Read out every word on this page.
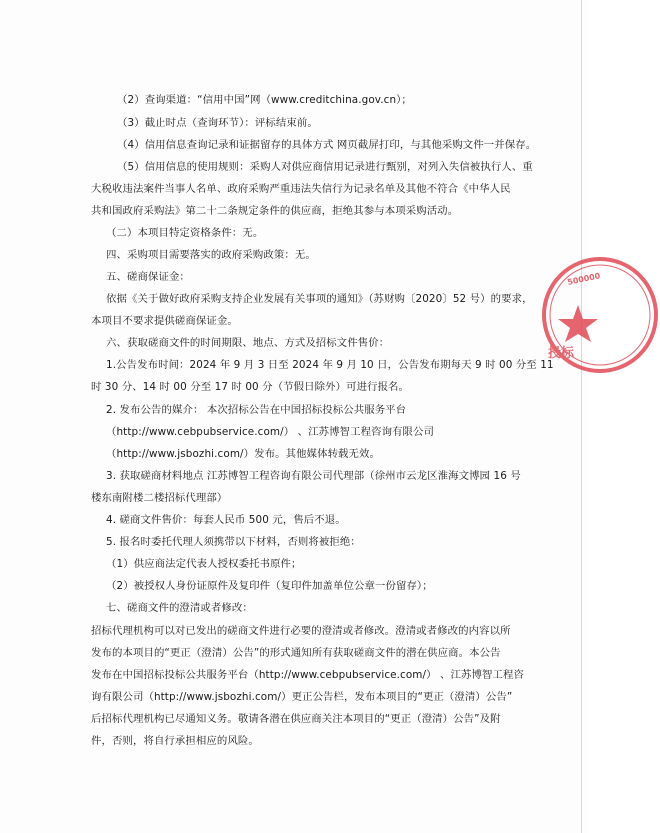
（2）查询渠道：“信用中国”网（www.creditchina.gov.cn）；
（3）截止时点（查询环节）：评标结束前。
（4）信用信息查询记录和证据留存的具体方式 网页截屏打印，与其他采购文件一并保存。
（5）信用信息的使用规则：采购人对供应商信用记录进行甄别，对列入失信被执行人、重
大税收违法案件当事人名单、政府采购严重违法失信行为记录名单及其他不符合《中华人民
共和国政府采购法》第二十二条规定条件的供应商，拒绝其参与本项采购活动。
（二）本项目特定资格条件：无。
四、采购项目需要落实的政府采购政策：无。
五、磋商保证金：
依据《关于做好政府采购支持企业发展有关事项的通知》（苏财购〔2020〕52 号）的要求，
本项目不要求提供磋商保证金。
六、获取磋商文件的时间期限、地点、方式及招标文件售价：
1.公告发布时间：2024 年 9 月 3 日至 2024 年 9 月 10 日，公告发布期每天 9 时 00 分至 11
时 30 分、14 时 00 分至 17 时 00 分（节假日除外）可进行报名。
2. 发布公告的媒介： 本次招标公告在中国招标投标公共服务平台
（http://www.cebpubservice.com/） 、江苏博智工程咨询有限公司
（http://www.jsbozhi.com/）发布。其他媒体转载无效。
3. 获取磋商材料地点 江苏博智工程咨询有限公司代理部（徐州市云龙区淮海文博园 16 号
楼东南附楼二楼招标代理部）
4. 磋商文件售价：每套人民币 500 元，售后不退。
5. 报名时委托代理人须携带以下材料，否则将被拒绝：
（1）供应商法定代表人授权委托书原件；
（2）被授权人身份证原件及复印件（复印件加盖单位公章一份留存）；
七、磋商文件的澄清或者修改：
招标代理机构可以对已发出的磋商文件进行必要的澄清或者修改。澄清或者修改的内容以所
发布的本项目的“更正（澄清）公告”的形式通知所有获取磋商文件的潜在供应商。本公告
发布在中国招标投标公共服务平台（http://www.cebpubservice.com/） 、江苏博智工程咨
询有限公司（http://www.jsbozhi.com/）更正公告栏，发布本项目的“更正（澄清）公告”
后招标代理机构已尽通知义务。敬请各潜在供应商关注本项目的“更正（澄清）公告”及附
件，否则，将自行承担相应的风险。
500000
投标
